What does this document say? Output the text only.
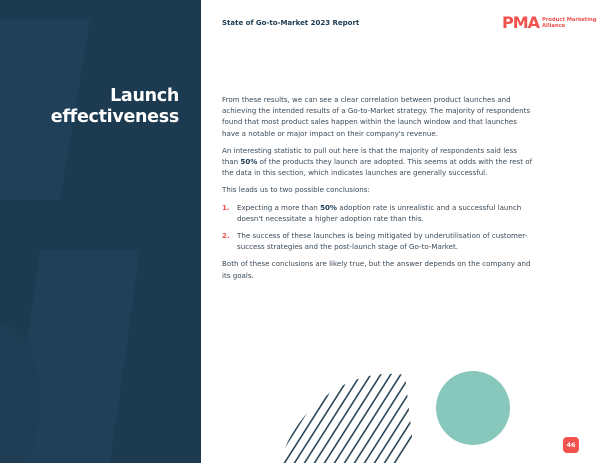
Launch
effectiveness
State of Go-to-Market 2023 Report	PMA Product Marketing
Alliance

From these results, we can see a clear correlation between product launches and achieving the intended results of a Go-to-Market strategy. The majority of respondents found that most product sales happen within the launch window and that launches have a notable or major impact on their company's revenue.

An interesting statistic to pull out here is that the majority of respondents said less than 50% of the products they launch are adopted. This seems at odds with the rest of the data in this section, which indicates launches are generally successful.

This leads us to two possible conclusions:

1. Expecting a more than 50% adoption rate is unrealistic and a successful launch doesn't necessitate a higher adoption rate than this.
2. The success of these launches is being mitigated by underutilisation of customer-success strategies and the post-launch stage of Go-to-Market.

Both of these conclusions are likely true, but the answer depends on the company and its goals.

46
